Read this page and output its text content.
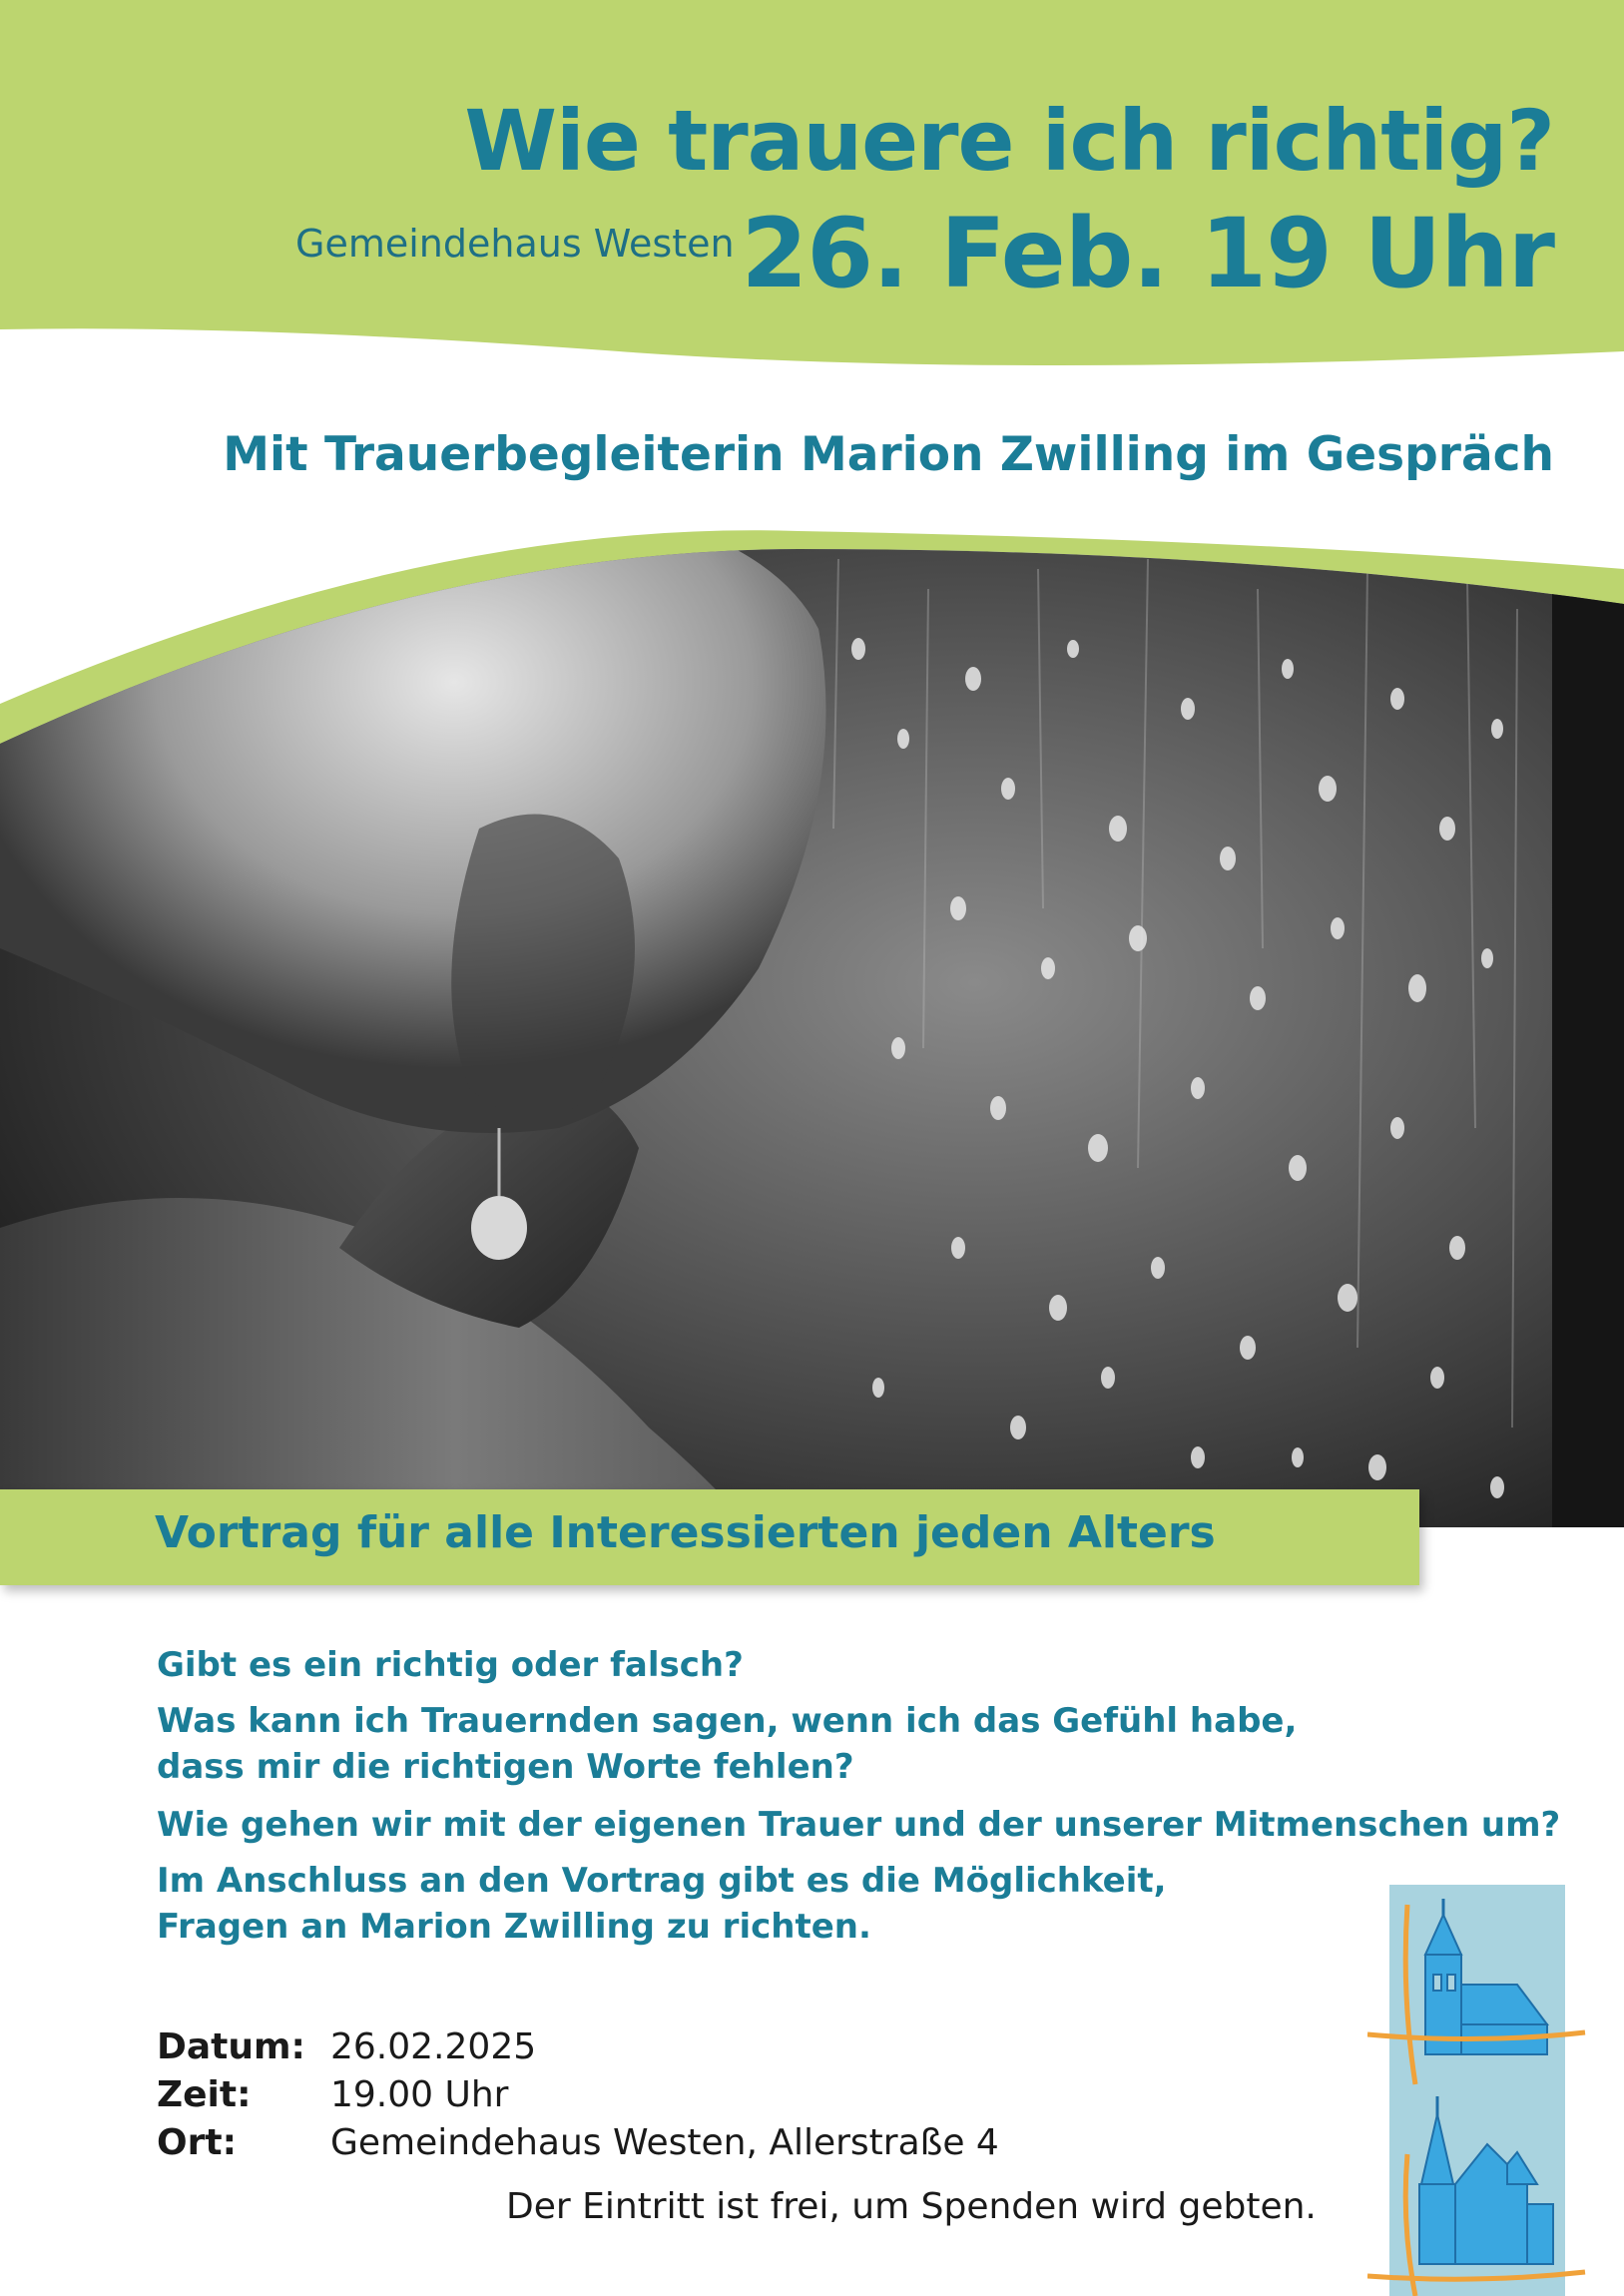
Wie trauere ich richtig?
Gemeindehaus Westen 26. Feb. 19 Uhr
Mit Trauerbegleiterin Marion Zwilling im Gespräch
Vortrag für alle Interessierten jeden Alters
Gibt es ein richtig oder falsch?
Was kann ich Trauernden sagen, wenn ich das Gefühl habe,
dass mir die richtigen Worte fehlen?
Wie gehen wir mit der eigenen Trauer und der unserer Mitmenschen um?
Im Anschluss an den Vortrag gibt es die Möglichkeit,
Fragen an Marion Zwilling zu richten.
Datum: 26.02.2025
Zeit: 19.00 Uhr
Ort:	Gemeindehaus Westen, Allerstraße 4
Der Eintritt ist frei, um Spenden wird gebten.
